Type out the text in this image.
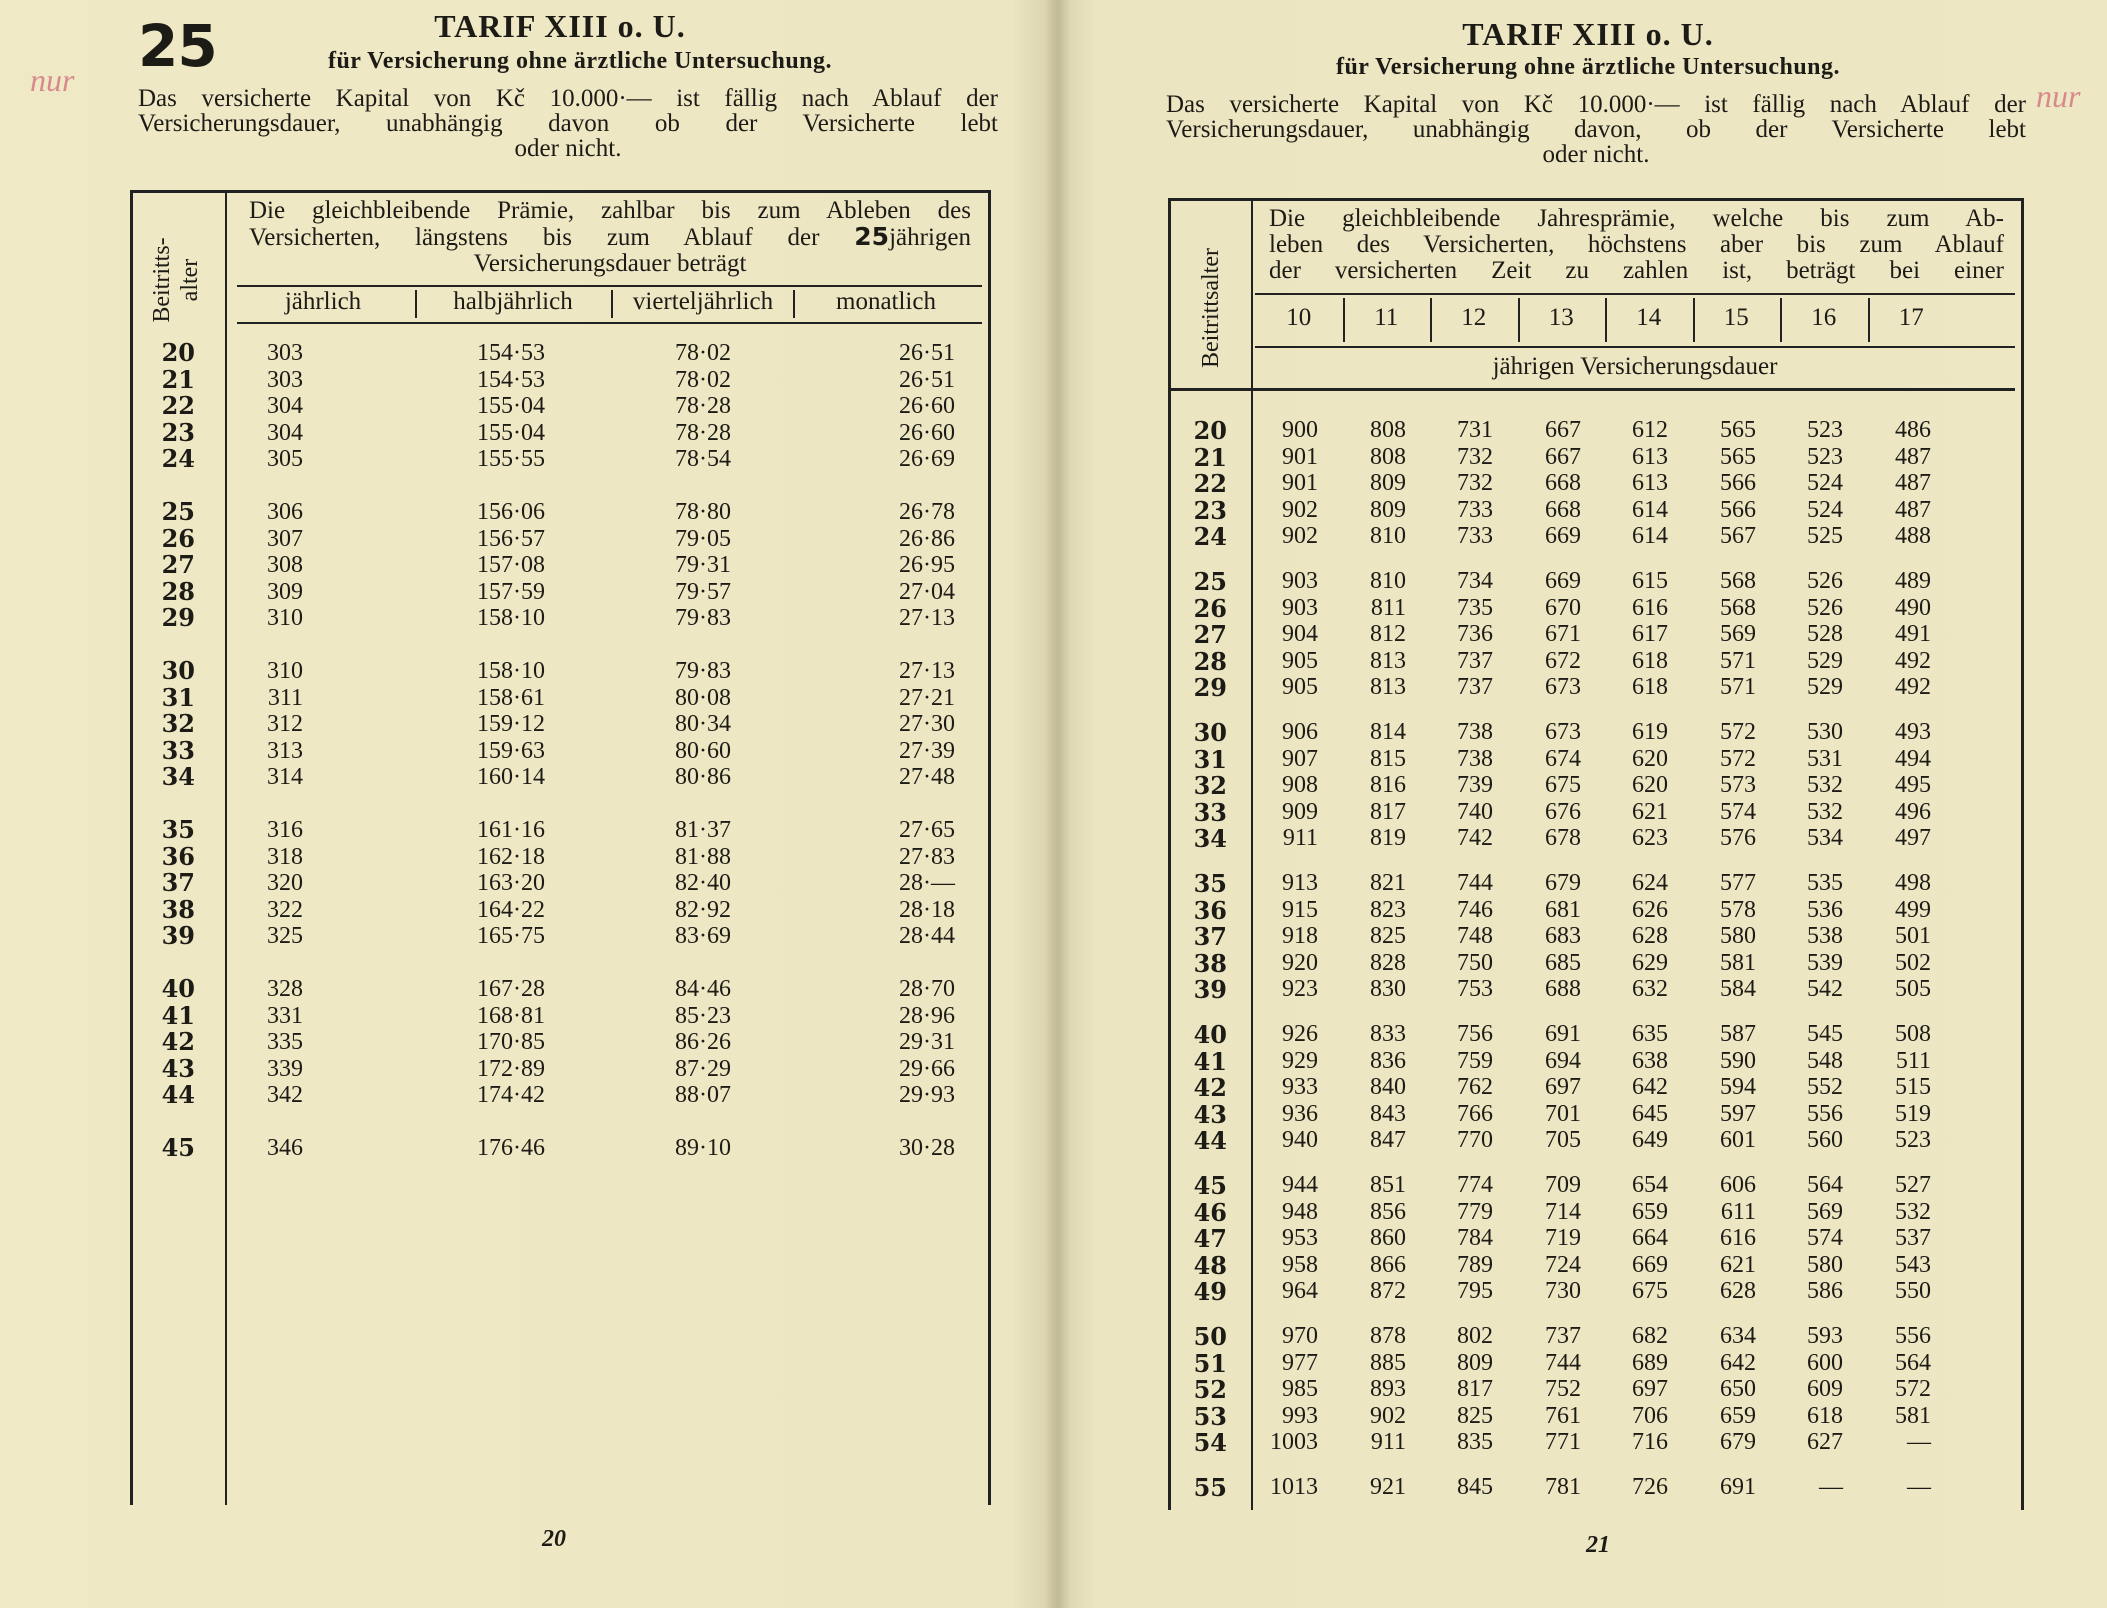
nur 25	TARIF XIII o. U.
für Versicherung ohne ärztliche Untersuchung.
Das versicherte Kapital von Kč 10.000·— ist fällig nach Ablauf der
Versicherungsdauer, unabhängig davon ob der Versicherte lebt
oder nicht.
Beitritts-
alter
Die gleichbleibende Prämie, zahlbar bis zum Ableben des
Versicherten, längstens bis zum Ablauf der 25jährigen
Versicherungsdauer beträgt
jährlich	halbjährlich	vierteljährlich	monatlich
20	303	154·53	78·02	26·51
21	303	154·53	78·02	26·51
22	304	155·04	78·28	26·60
23	304	155·04	78·28	26·60
24	305	155·55	78·54	26·69
25	306	156·06	78·80	26·78
26	307	156·57	79·05	26·86
27	308	157·08	79·31	26·95
28	309	157·59	79·57	27·04
29	310	158·10	79·83	27·13
30	310	158·10	79·83	27·13
31	311	158·61	80·08	27·21
32	312	159·12	80·34	27·30
33	313	159·63	80·60	27·39
34	314	160·14	80·86	27·48
35	316	161·16	81·37	27·65
36	318	162·18	81·88	27·83
37	320	163·20	82·40	28·—
38	322	164·22	82·92	28·18
39	325	165·75	83·69	28·44
40	328	167·28	84·46	28·70
41	331	168·81	85·23	28·96
42	335	170·85	86·26	29·31
43	339	172·89	87·29	29·66
44	342	174·42	88·07	29·93
45	346	176·46	89·10	30·28
20
nur
TARIF XIII o. U.
für Versicherung ohne ärztliche Untersuchung.
Das versicherte Kapital von Kč 10.000·— ist fällig nach Ablauf der
Versicherungsdauer, unabhängig davon, ob der Versicherte lebt
oder nicht.
Beitrittsalter
Die gleichbleibende Jahresprämie, welche bis zum Ab-
leben des Versicherten, höchstens aber bis zum Ablauf
der versicherten Zeit zu zahlen ist, beträgt bei einer
10	11	12	13	14	15	16	17
jährigen Versicherungsdauer
20	900	808	731	667	612	565	523	486
21	901	808	732	667	613	565	523	487
22	901	809	732	668	613	566	524	487
23	902	809	733	668	614	566	524	487
24	902	810	733	669	614	567	525	488
25	903	810	734	669	615	568	526	489
26	903	811	735	670	616	568	526	490
27	904	812	736	671	617	569	528	491
28	905	813	737	672	618	571	529	492
29	905	813	737	673	618	571	529	492
30	906	814	738	673	619	572	530	493
31	907	815	738	674	620	572	531	494
32	908	816	739	675	620	573	532	495
33	909	817	740	676	621	574	532	496
34	911	819	742	678	623	576	534	497
35	913	821	744	679	624	577	535	498
36	915	823	746	681	626	578	536	499
37	918	825	748	683	628	580	538	501
38	920	828	750	685	629	581	539	502
39	923	830	753	688	632	584	542	505
40	926	833	756	691	635	587	545	508
41	929	836	759	694	638	590	548	511
42	933	840	762	697	642	594	552	515
43	936	843	766	701	645	597	556	519
44	940	847	770	705	649	601	560	523
45	944	851	774	709	654	606	564	527
46	948	856	779	714	659	611	569	532
47	953	860	784	719	664	616	574	537
48	958	866	789	724	669	621	580	543
49	964	872	795	730	675	628	586	550
50	970	878	802	737	682	634	593	556
51	977	885	809	744	689	642	600	564
52	985	893	817	752	697	650	609	572
53	993	902	825	761	706	659	618	581
54	1003	911	835	771	716	679	627	—
55	1013	921	845	781	726	691	—	—
21
